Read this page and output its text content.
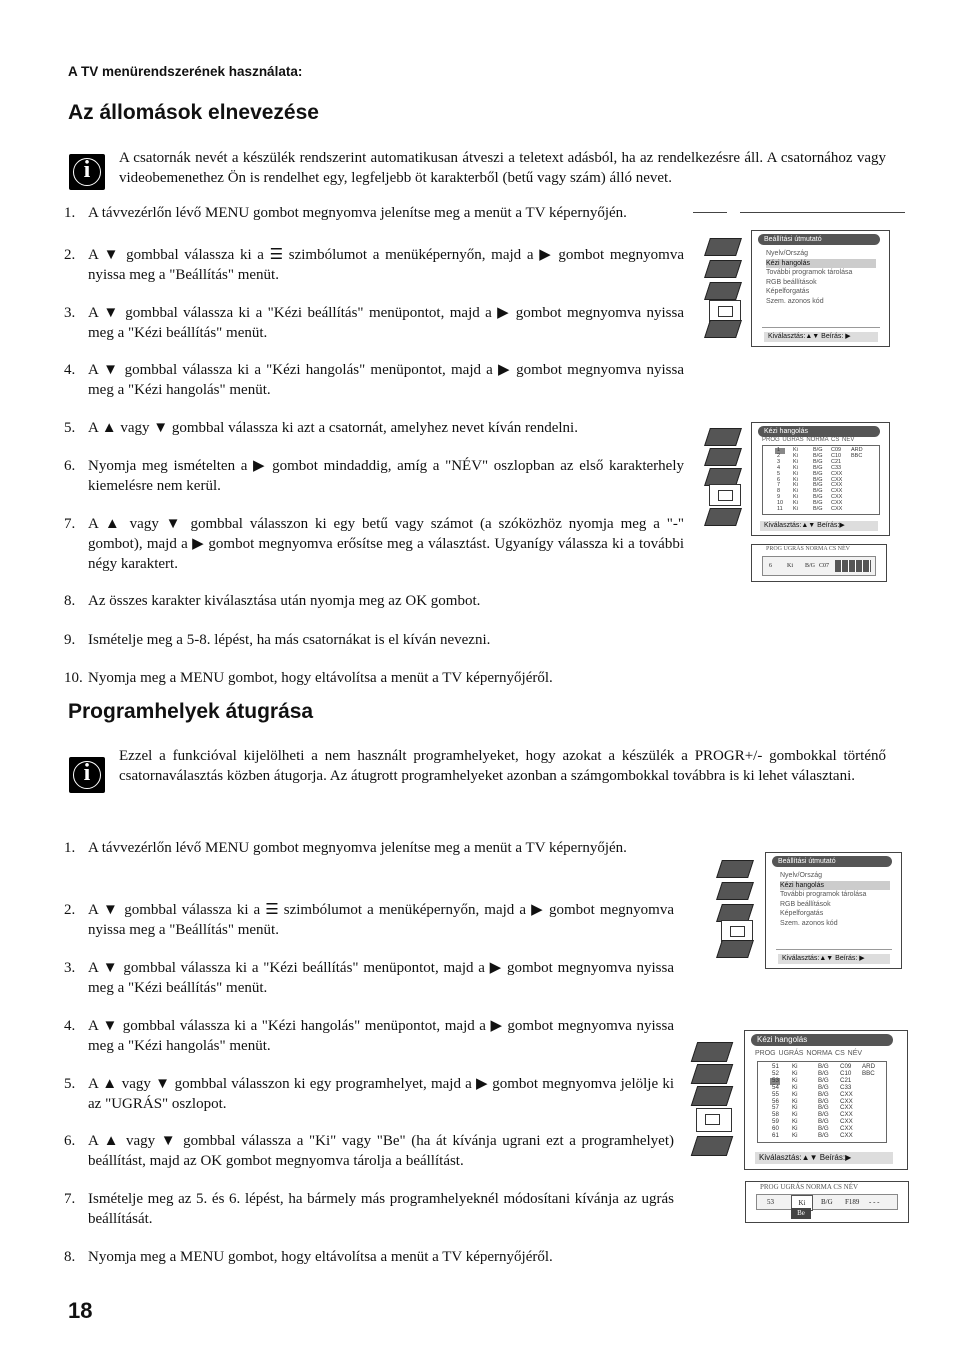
A TV menürendszerének használata:
Az állomások elnevezése
i	A csatornák nevét a készülék rendszerint automatikusan átveszi a teletext adásból, ha az rendelkezésre áll. A csatornához vagy videobemenethez Ön is rendelhet egy, legfeljebb öt karakterből (betű vagy szám) álló nevet.
1. A távvezérlőn lévő MENU gombot megnyomva jelenítse meg a menüt a TV képernyőjén.
2. A ▼ gombbal válassza ki a ☰ szimbólumot a menüképernyőn, majd a ▶ gombot megnyomva nyissa meg a "Beállítás" menüt.
3. A ▼ gombbal válassza ki a "Kézi beállítás" menüpontot, majd a ▶ gombot megnyomva nyissa meg a "Kézi beállítás" menüt.
4. A ▼ gombbal válassza ki a "Kézi hangolás" menüpontot, majd a ▶ gombot megnyomva nyissa meg a "Kézi hangolás" menüt.
5. A ▲ vagy ▼ gombbal válassza ki azt a csatornát, amelyhez nevet kíván rendelni.
6. Nyomja meg ismételten a ▶ gombot mindaddig, amíg a "NÉV" oszlopban az első karakterhely kiemelésre nem kerül.
7. A ▲ vagy ▼ gombbal válasszon ki egy betű vagy számot (a szóközhöz nyomja meg a "-" gombot), majd a ▶ gombot megnyomva erősítse meg a választást. Ugyanígy válassza ki a további négy karaktert.
8. Az összes karakter kiválasztása után nyomja meg az OK gombot.
9. Ismételje meg a 5-8. lépést, ha más csatornákat is el kíván nevezni.
10. Nyomja meg a MENU gombot, hogy eltávolítsa a menüt a TV képernyőjéről.
Beállítási útmutató
Nyelv/Ország
Kézi hangolás
További programok tárolása
RGB beállítások
Képelforgatás
Szem. azonos kód
Kiválasztás:▲▼ Beírás: ▶
Kézi hangolás
PROG UGRÁS NORMA CS NÉV
1 Ki	B/G C09 ARD
2 Ki	B/G C10 BBC
3 Ki	B/G C21
4 Ki	B/G C33
5 Ki	B/G CXX
6 Ki	B/G CXX
7 Ki	B/G CXX
8 Ki	B/G CXX
9 Ki	B/G CXX
10 Ki	B/G CXX
11 Ki	B/G CXX
Kiválasztás:▲▼ Beírás:▶
PROG UGRÁS NORMA CS NÉV
6	Ki B/G C07
Programhelyek átugrása
i
Ezzel a funkcióval kijelölheti a nem használt programhelyeket, hogy azokat a készülék a PROGR+/- gombokkal történő csatornaválasztás közben átugorja. Az átugrott programhelyeket azonban a számgombokkal továbbra is ki lehet választani.
1. A távvezérlőn lévő MENU gombot megnyomva jelenítse meg a menüt a TV képernyőjén.
2. A ▼ gombbal válassza ki a ☰ szimbólumot a menüképernyőn, majd a ▶ gombot megnyomva nyissa meg a "Beállítás" menüt.
3. A ▼ gombbal válassza ki a "Kézi beállítás" menüpontot, majd a ▶ gombot megnyomva nyissa meg a "Kézi beállítás" menüt.
4. A ▼ gombbal válassza ki a "Kézi hangolás" menüpontot, majd a ▶ gombot megnyomva nyissa meg a "Kézi hangolás" menüt.
5. A ▲ vagy ▼ gombbal válasszon ki egy programhelyet, majd a ▶ gombot megnyomva jelölje ki az "UGRÁS" oszlopot.
6. A ▲ vagy ▼ gombbal válassza a "Ki" vagy "Be" (ha át kívánja ugrani ezt a programhelyet) beállítást, majd az OK gombot megnyomva tárolja a beállítást.
7. Ismételje meg az 5. és 6. lépést, ha bármely más programhelyeknél módosítani kívánja az ugrás beállítását.
8. Nyomja meg a MENU gombot, hogy eltávolítsa a menüt a TV képernyőjéről.
Beállítási útmutató
Nyelv/Ország
Kézi hangolás
További programok tárolása
RGB beállítások
Képelforgatás
Szem. azonos kód
Kiválasztás:▲▼ Beírás: ▶
Kézi hangolás
PROG UGRÁS NORMA CS NÉV
51 Ki	B/G C09 ARD
52 Ki	B/G C10 BBC
53 Ki	B/G C21
54 Ki	B/G C33
55 Ki	B/G CXX
56 Ki	B/G CXX
57 Ki	B/G CXX
58 Ki	B/G CXX
59 Ki	B/G CXX
60 Ki	B/G CXX
61 Ki	B/G CXX
Kiválasztás:▲▼ Beírás:▶
PROG UGRÁS NORMA CS NÉV
53	Ki	B/G F189 - - -
Be
18
